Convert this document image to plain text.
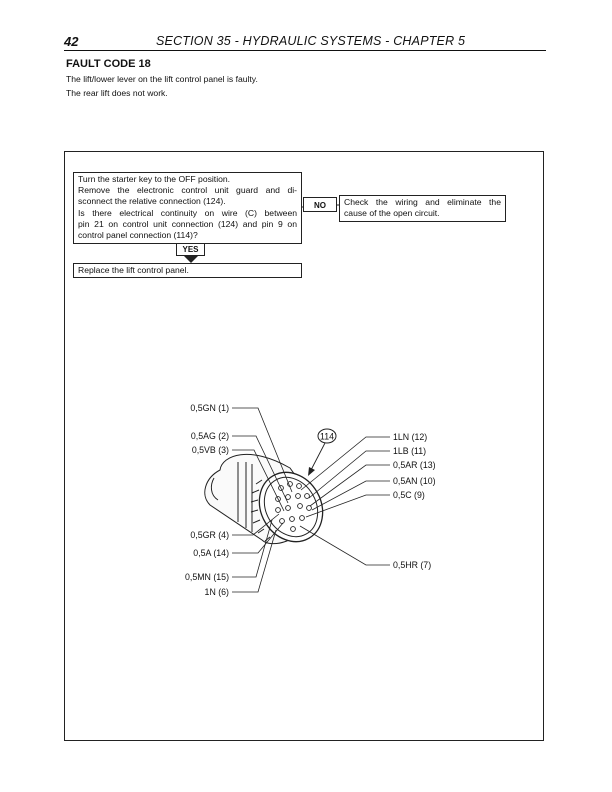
42	SECTION 35 - HYDRAULIC SYSTEMS - CHAPTER 5
FAULT CODE 18
The lift/lower lever on the lift control panel is faulty.
The rear lift does not work.
Turn the starter key to the OFF position.
Remove the electronic control unit guard and di-
sconnect the relative connection (124).
Is there electrical continuity on wire (C) between
pin 21 on control unit connection (124) and pin 9 on
control panel connection (114)?
NO	Check the wiring and eliminate the
cause of the open circuit.
YES
Replace the lift control panel.
114
0,5GN (1)
0,5AG (2)
0,5VB (3)
0,5GR (4)
0,5A (14)
0,5MN (15)
1N (6)
1LN (12)
1LB (11)
0,5AR (13)
0,5AN (10)
0,5C (9)
0,5HR (7)
